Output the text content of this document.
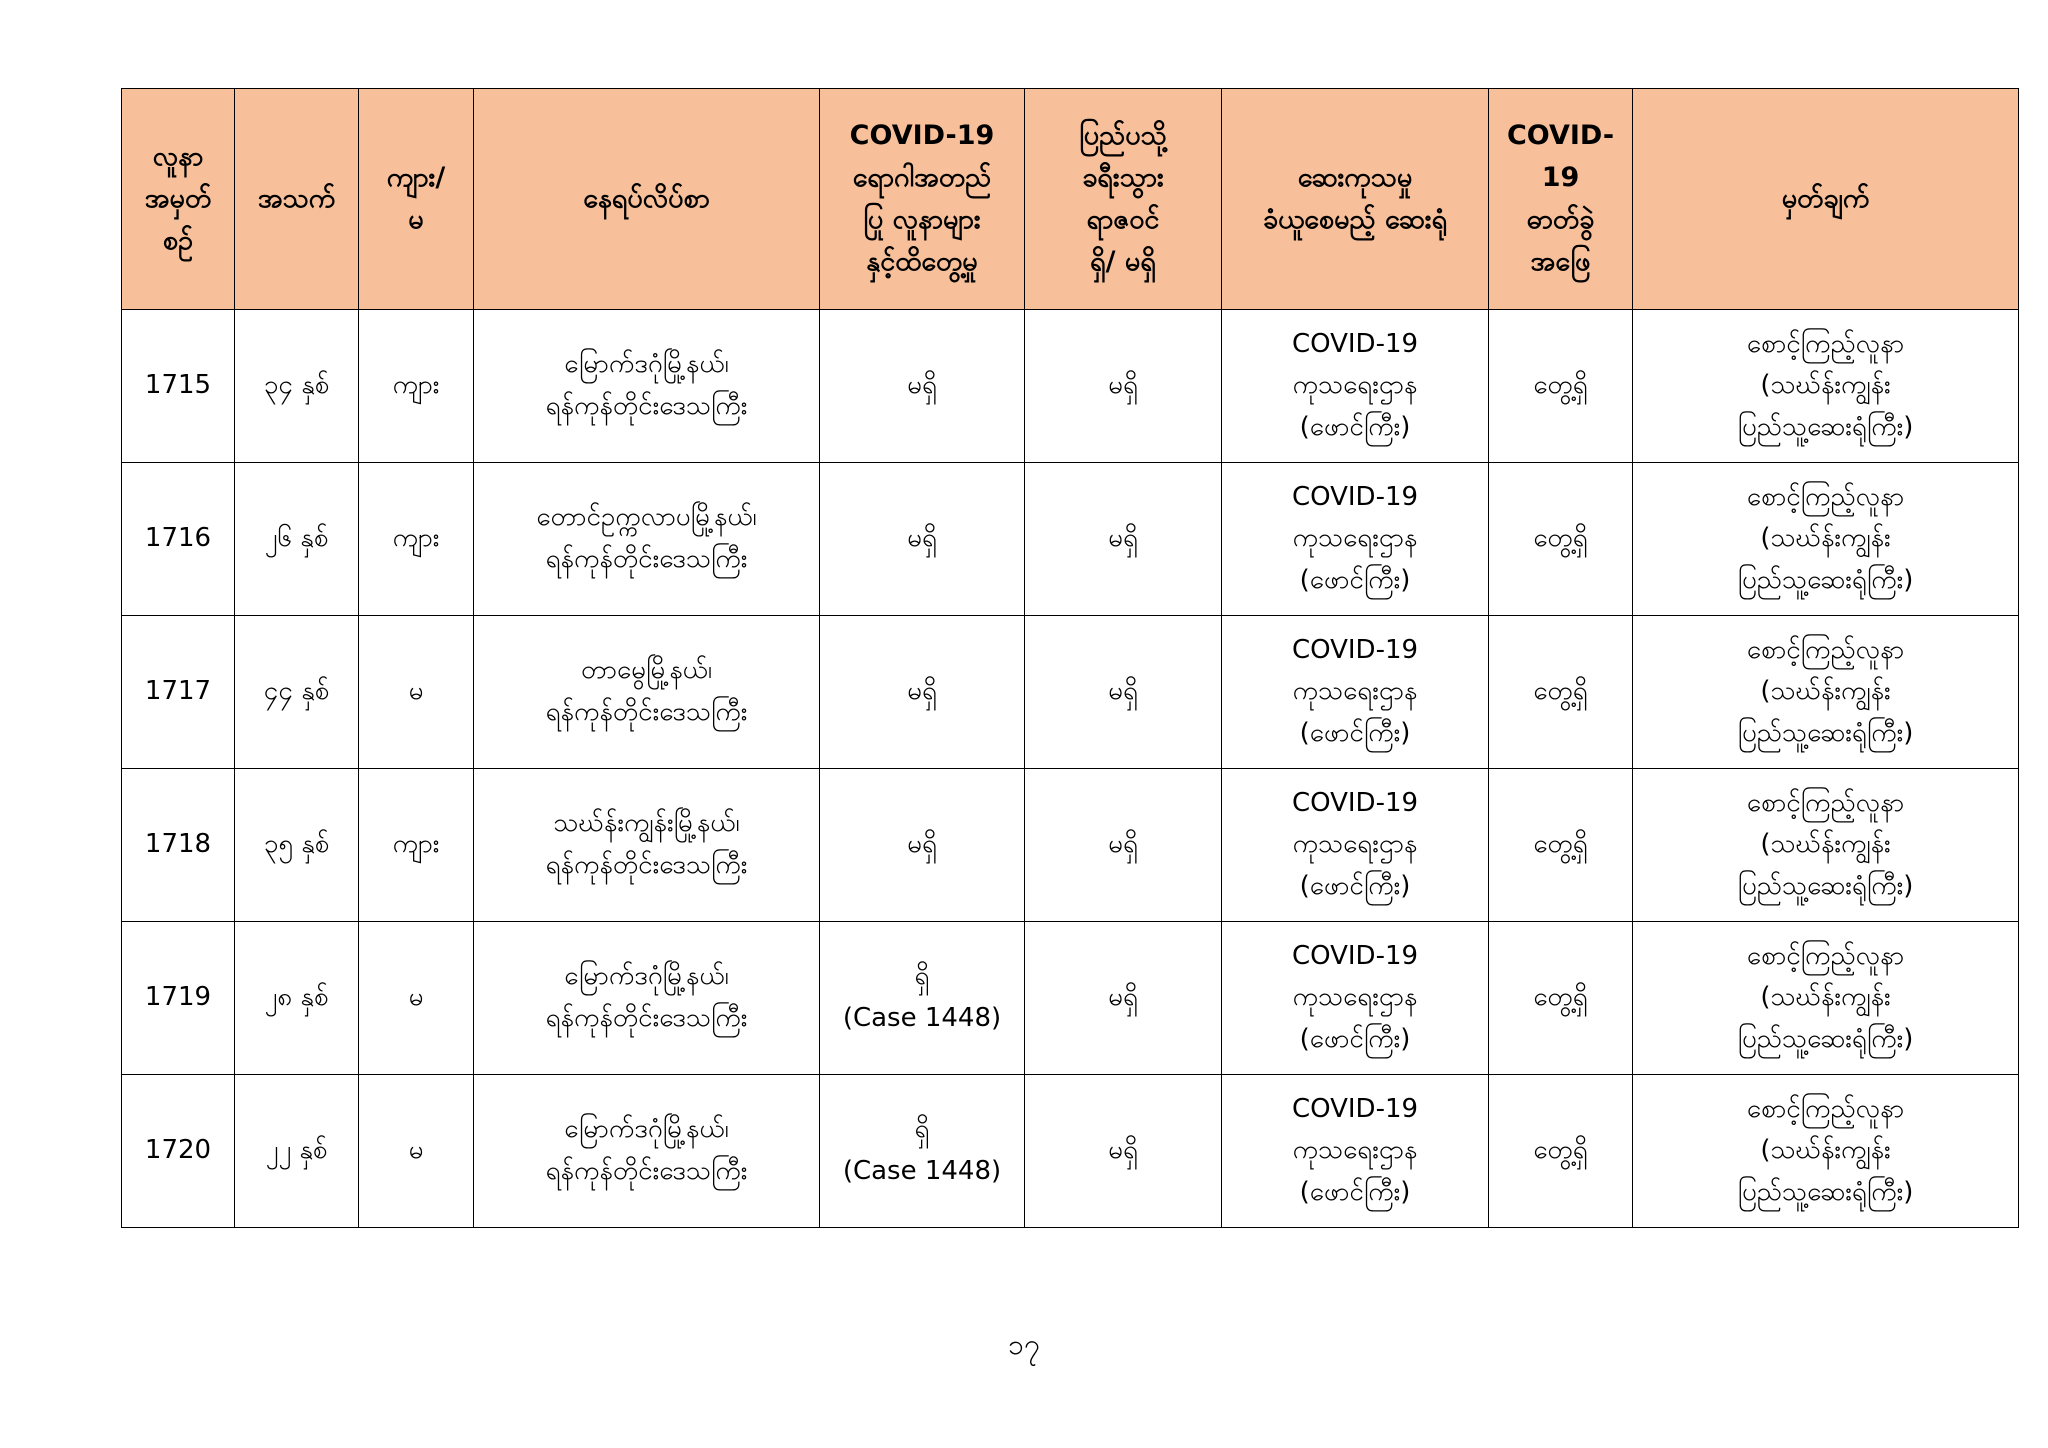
လူနာ
အမှတ်
စဉ်	အသက်	ကျား/
မ	နေရပ်လိပ်စာ	COVID-19
ရောဂါအတည်
ပြု လူနာများ
နှင့်ထိတွေ့မှု	ပြည်ပသို့
ခရီးသွား
ရာဇဝင်
ရှိ/ မရှိ	ဆေးကုသမှု
ခံယူစေမည့် ဆေးရုံ	COVID-
19
ဓာတ်ခွဲ
အဖြေ	မှတ်ချက်

1715	၃၄ နှစ်	ကျား	မြောက်ဒဂုံမြို့နယ်၊
ရန်ကုန်တိုင်းဒေသကြီး	မရှိ	မရှိ	COVID-19
ကုသရေးဌာန
(ဖောင်ကြီး)	တွေ့ရှိ	စောင့်ကြည့်လူနာ
(သဃ်န်းကျွန်း
ပြည်သူ့ဆေးရုံကြီး)

1716	၂၆ နှစ်	ကျား	တောင်ဥက္ကလာပမြို့နယ်၊
ရန်ကုန်တိုင်းဒေသကြီး	မရှိ	မရှိ	COVID-19
ကုသရေးဌာန
(ဖောင်ကြီး)	တွေ့ရှိ	စောင့်ကြည့်လူနာ
(သဃ်န်းကျွန်း
ပြည်သူ့ဆေးရုံကြီး)

1717	၄၄ နှစ်	မ	တာမွေမြို့နယ်၊
ရန်ကုန်တိုင်းဒေသကြီး	မရှိ	မရှိ	COVID-19
ကုသရေးဌာန
(ဖောင်ကြီး)	တွေ့ရှိ	စောင့်ကြည့်လူနာ
(သဃ်န်းကျွန်း
ပြည်သူ့ဆေးရုံကြီး)

1718	၃၅ နှစ်	ကျား	သဃ်န်းကျွန်းမြို့နယ်၊
ရန်ကုန်တိုင်းဒေသကြီး	မရှိ	မရှိ	COVID-19
ကုသရေးဌာန
(ဖောင်ကြီး)	တွေ့ရှိ	စောင့်ကြည့်လူနာ
(သဃ်န်းကျွန်း
ပြည်သူ့ဆေးရုံကြီး)

1719	၂၈ နှစ်	မ	မြောက်ဒဂုံမြို့နယ်၊
ရန်ကုန်တိုင်းဒေသကြီး	ရှိ
(Case 1448)	မရှိ	COVID-19
ကုသရေးဌာန
(ဖောင်ကြီး)	တွေ့ရှိ	စောင့်ကြည့်လူနာ
(သဃ်န်းကျွန်း
ပြည်သူ့ဆေးရုံကြီး)

1720	၂၂ နှစ်	မ	မြောက်ဒဂုံမြို့နယ်၊
ရန်ကုန်တိုင်းဒေသကြီး	ရှိ
(Case 1448)	မရှိ	COVID-19
ကုသရေးဌာန
(ဖောင်ကြီး)	တွေ့ရှိ	စောင့်ကြည့်လူနာ
(သဃ်န်းကျွန်း
ပြည်သူ့ဆေးရုံကြီး)
၁၇
